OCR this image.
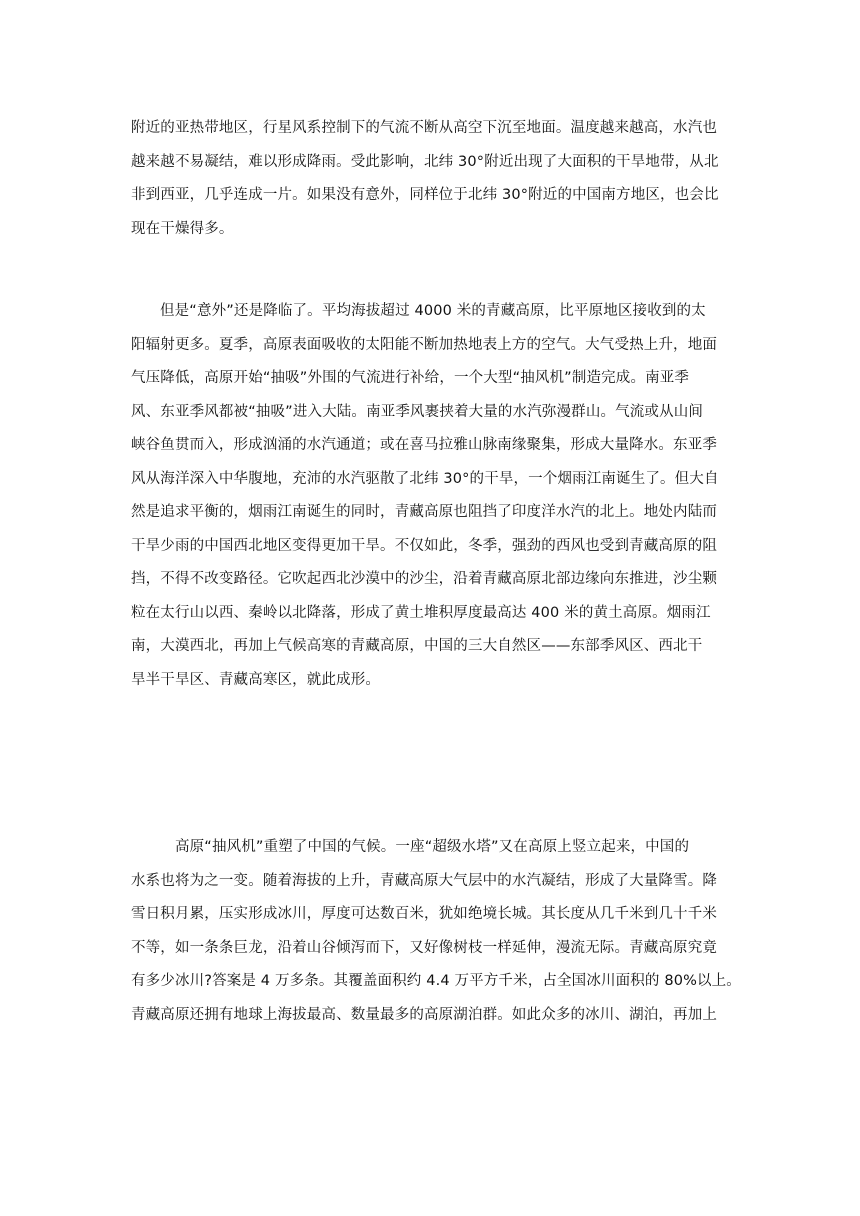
附近的亚热带地区，行星风系控制下的气流不断从高空下沉至地面。温度越来越高，水汽也
越来越不易凝结，难以形成降雨。受此影响，北纬 30°附近出现了大面积的干旱地带，从北
非到西亚，几乎连成一片。如果没有意外，同样位于北纬 30°附近的中国南方地区，也会比
现在干燥得多。
但是“意外”还是降临了。平均海拔超过 4000 米的青藏高原，比平原地区接收到的太
阳辐射更多。夏季，高原表面吸收的太阳能不断加热地表上方的空气。大气受热上升，地面
气压降低，高原开始“抽吸”外围的气流进行补给，一个大型“抽风机”制造完成。南亚季
风、东亚季风都被“抽吸”进入大陆。南亚季风裹挟着大量的水汽弥漫群山。气流或从山间
峡谷鱼贯而入，形成汹涌的水汽通道；或在喜马拉雅山脉南缘聚集，形成大量降水。东亚季
风从海洋深入中华腹地，充沛的水汽驱散了北纬 30°的干旱，一个烟雨江南诞生了。但大自
然是追求平衡的，烟雨江南诞生的同时，青藏高原也阻挡了印度洋水汽的北上。地处内陆而
干旱少雨的中国西北地区变得更加干旱。不仅如此，冬季，强劲的西风也受到青藏高原的阻
挡，不得不改变路径。它吹起西北沙漠中的沙尘，沿着青藏高原北部边缘向东推进，沙尘颗
粒在太行山以西、秦岭以北降落，形成了黄土堆积厚度最高达 400 米的黄土高原。烟雨江
南，大漠西北，再加上气候高寒的青藏高原，中国的三大自然区——东部季风区、西北干
旱半干旱区、青藏高寒区，就此成形。
高原“抽风机”重塑了中国的气候。一座“超级水塔”又在高原上竖立起来，中国的
水系也将为之一变。随着海拔的上升，青藏高原大气层中的水汽凝结，形成了大量降雪。降
雪日积月累，压实形成冰川，厚度可达数百米，犹如绝境长城。其长度从几千米到几十千米
不等，如一条条巨龙，沿着山谷倾泻而下，又好像树枝一样延伸，漫流无际。青藏高原究竟
有多少冰川?答案是 4 万多条。其覆盖面积约 4.4 万平方千米，占全国冰川面积的 80%以上。
青藏高原还拥有地球上海拔最高、数量最多的高原湖泊群。如此众多的冰川、湖泊，再加上
